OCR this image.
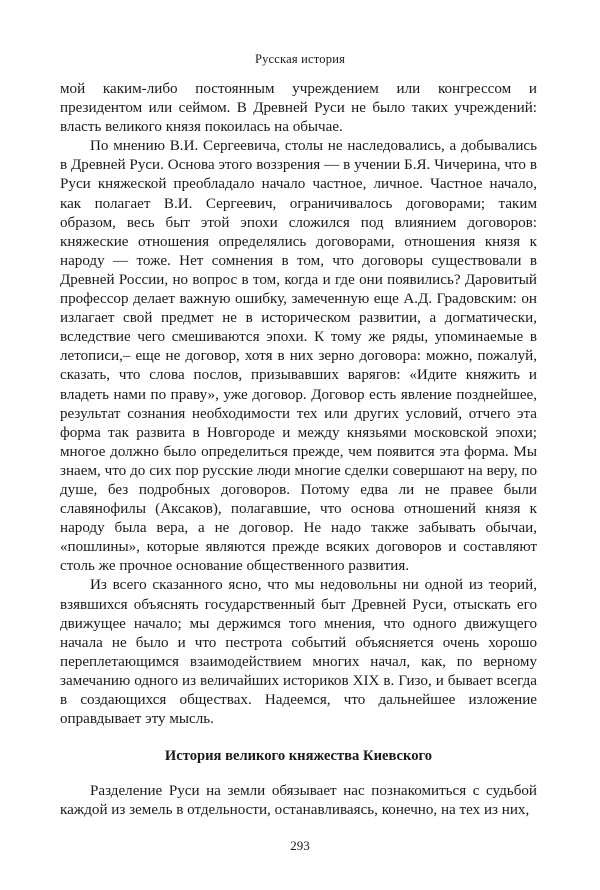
Русская история

мой каким-либо постоянным учреждением или конгрессом и президентом или сеймом. В Древней Руси не было таких учреждений: власть великого князя покоилась на обычае.

По мнению В.И. Сергеевича, столы не наследовались, а добывались в Древней Руси. Основа этого воззрения — в учении Б.Я. Чичерина, что в Руси княжеской преобладало начало частное, личное. Частное начало, как полагает В.И. Сергеевич, ограничивалось договорами; таким образом, весь быт этой эпохи сложился под влиянием договоров: княжеские отношения определялись договорами, отношения князя к народу — тоже. Нет сомнения в том, что договоры существовали в Древней России, но вопрос в том, когда и где они появились? Даровитый профессор делает важную ошибку, замеченную еще А.Д. Градовским: он излагает свой предмет не в историческом развитии, а догматически, вследствие чего смешиваются эпохи. К тому же ряды, упоминаемые в летописи,– еще не договор, хотя в них зерно договора: можно, пожалуй, сказать, что слова послов, призывавших варягов: «Идите княжить и владеть нами по праву», уже договор. Договор есть явление позднейшее, результат сознания необходимости тех или других условий, отчего эта форма так развита в Новгороде и между князьями московской эпохи; многое должно было определиться прежде, чем появится эта форма. Мы знаем, что до сих пор русские люди многие сделки совершают на веру, по душе, без подробных договоров. Потому едва ли не правее были славянофилы (Аксаков), полагавшие, что основа отношений князя к народу была вера, а не договор. Не надо также забывать обычаи, «пошлины», которые являются прежде всяких договоров и составляют столь же прочное основание общественного развития.

Из всего сказанного ясно, что мы недовольны ни одной из теорий, взявшихся объяснять государственный быт Древней Руси, отыскать его движущее начало; мы держимся того мнения, что одного движущего начала не было и что пестрота событий объясняется очень хорошо переплетающимся взаимодействием многих начал, как, по верному замечанию одного из величайших историков XIX в. Гизо, и бывает всегда в создающихся обществах. Надеемся, что дальнейшее изложение оправдывает эту мысль.

История великого княжества Киевского

Разделение Руси на земли обязывает нас познакомиться с судьбой каждой из земель в отдельности, останавливаясь, конечно, на тех из них,

293
